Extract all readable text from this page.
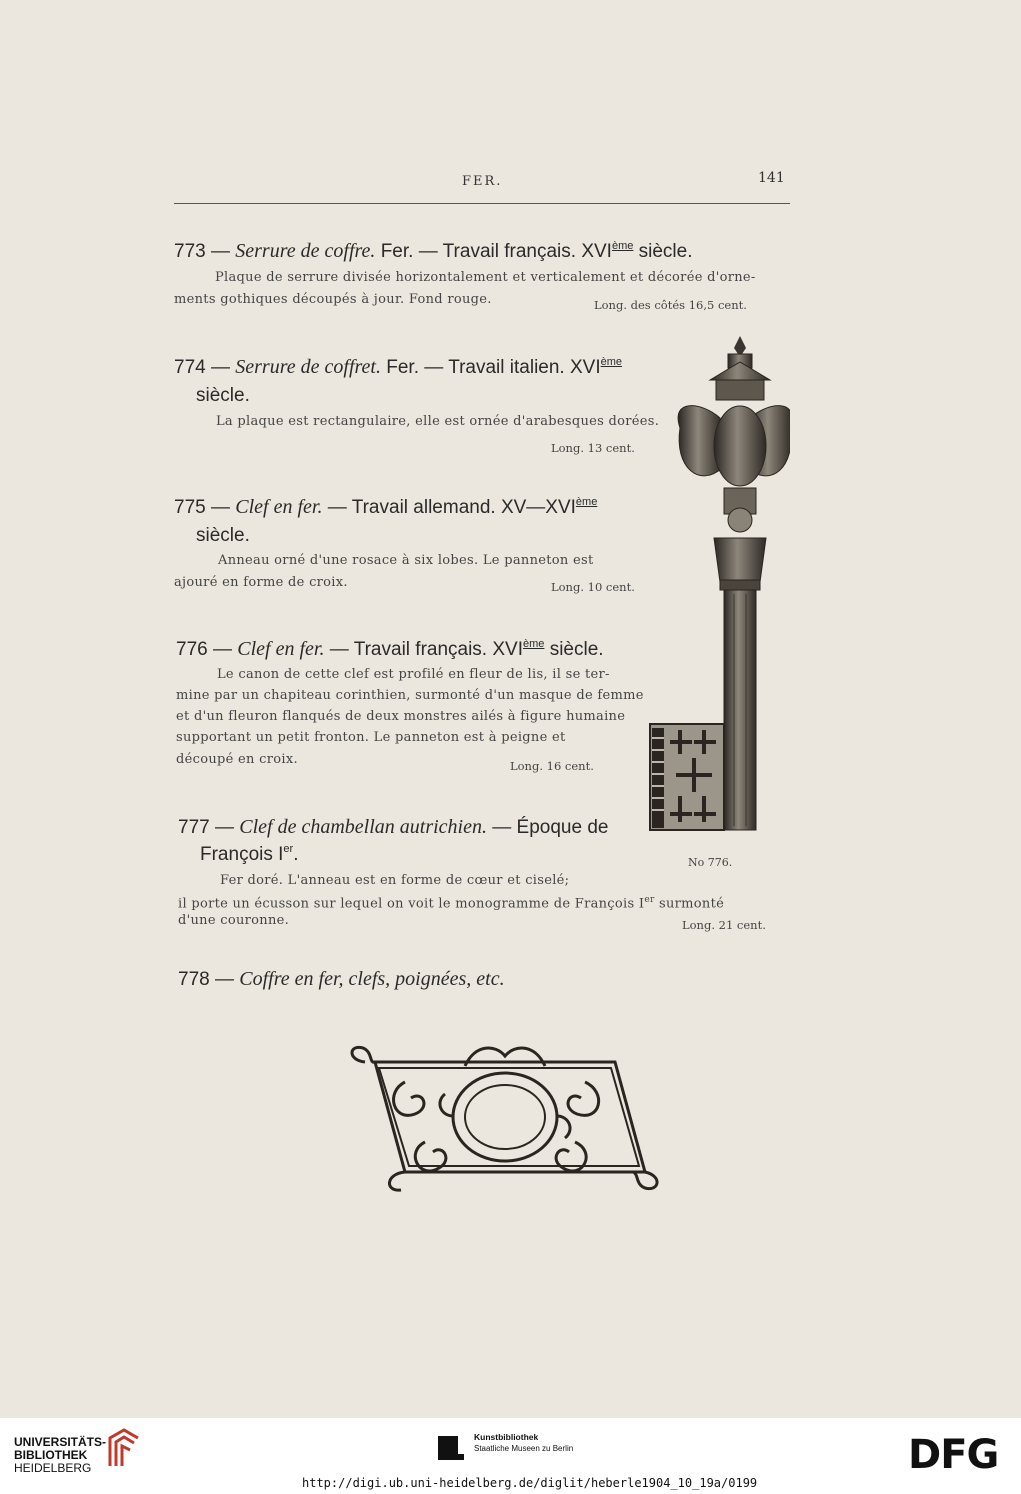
FER.	141
773 — Serrure de coffre. Fer. — Travail français. XVIème siècle.
Plaque de serrure divisée horizontalement et verticalement et décorée d'orne-
ments gothiques découpés à jour. Fond rouge.	Long. des côtés 16,5 cent.
774 — Serrure de coffret. Fer. — Travail italien. XVIème
siècle.
La plaque est rectangulaire, elle est ornée d'arabesques dorées.
Long. 13 cent.
775 — Clef en fer. — Travail allemand. XV—XVIème
siècle.
Anneau orné d'une rosace à six lobes. Le panneton est
ajouré en forme de croix.	Long. 10 cent.
776 — Clef en fer. — Travail français. XVIème siècle.
Le canon de cette clef est profilé en fleur de lis, il se ter-
mine par un chapiteau corinthien, surmonté d'un masque de femme
et d'un fleuron flanqués de deux monstres ailés à figure humaine
supportant un petit fronton. Le panneton est à peigne et
découpé en croix.	Long. 16 cent.
777 — Clef de chambellan autrichien. — Époque de
François Ier.
Fer doré. L'anneau est en forme de cœur et ciselé;
il porte un écusson sur lequel on voit le monogramme de François Ier surmonté
d'une couronne.	Long. 21 cent.
778 — Coffre en fer, clefs, poignées, etc.
No 776.
UNIVERSITÄTS-
BIBLIOTHEK
HEIDELBERG
Kunstbibliothek
Staatliche Museen zu Berlin	DFG
http://digi.ub.uni-heidelberg.de/diglit/heberle1904_10_19a/0199
